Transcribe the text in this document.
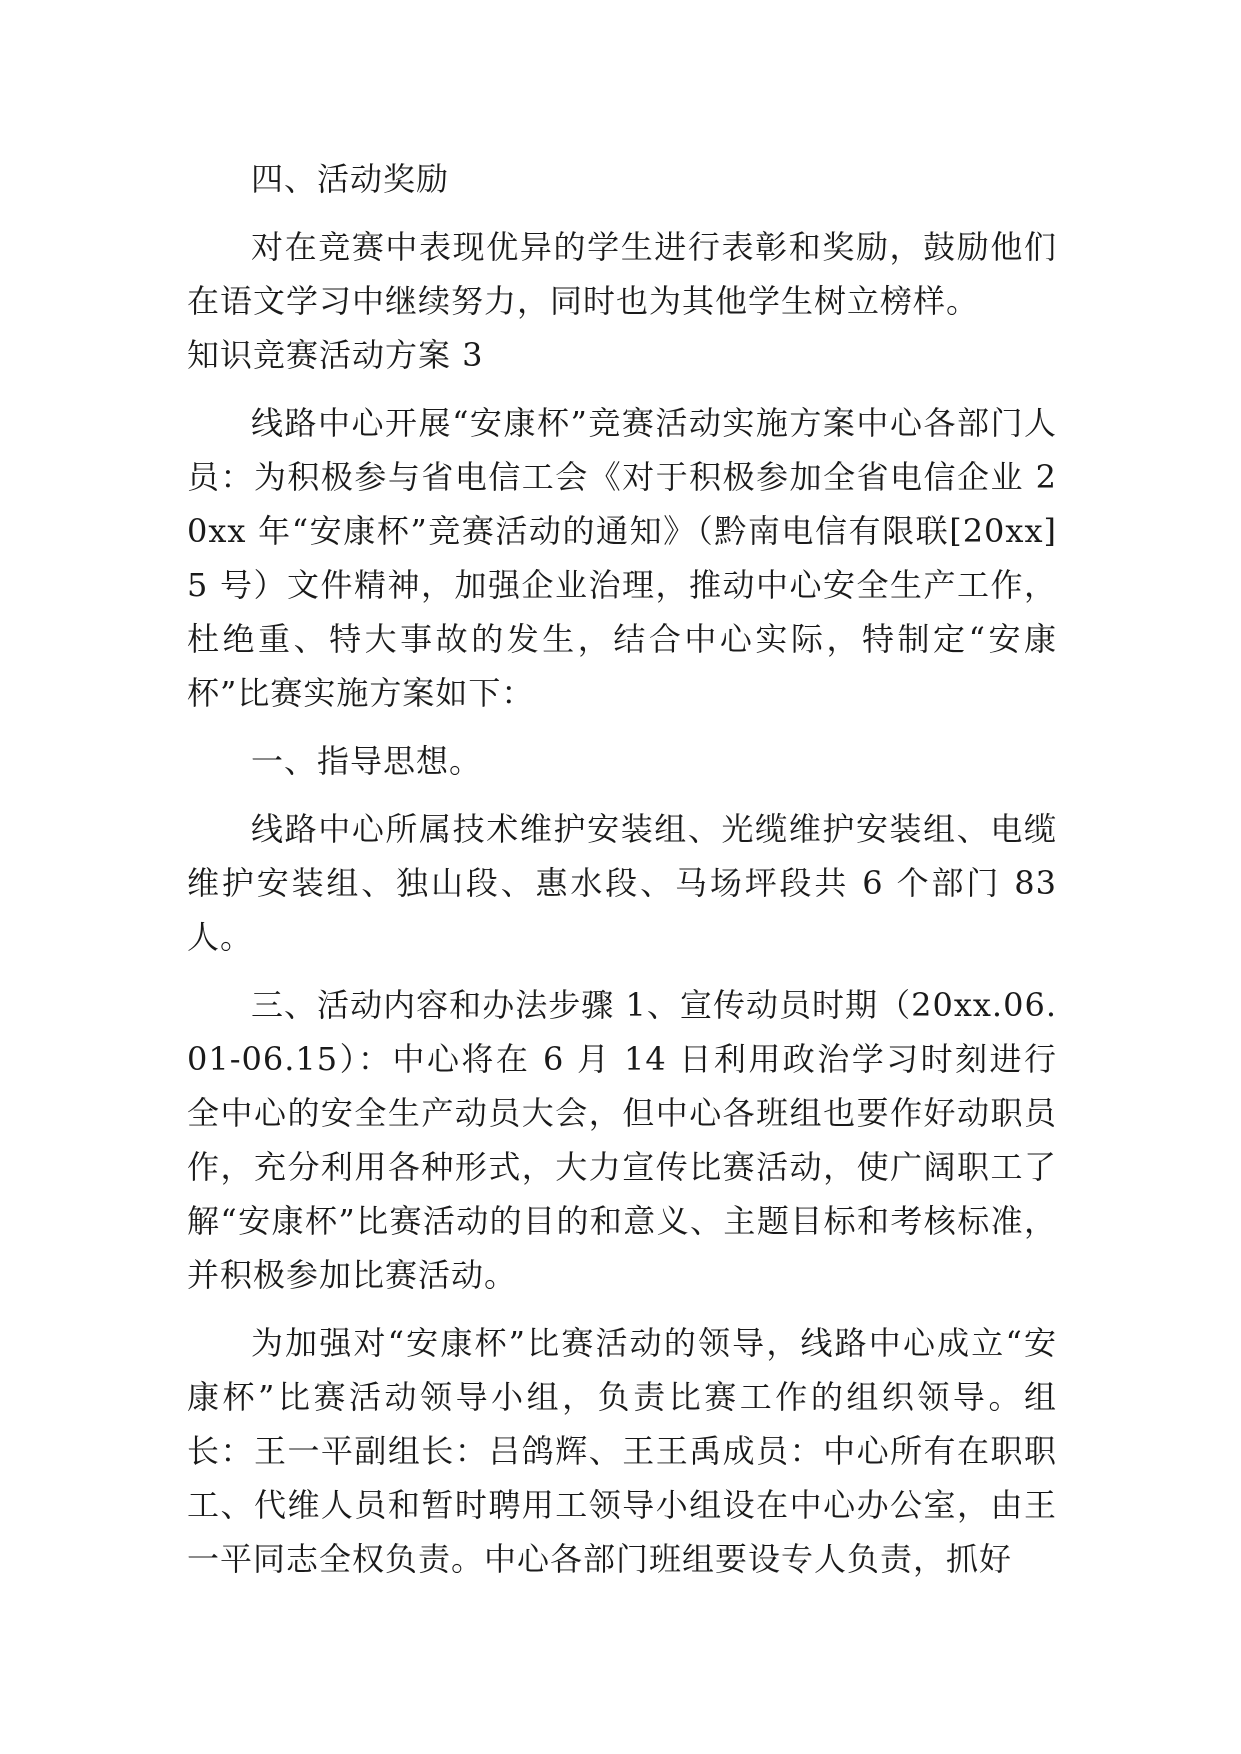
四、活动奖励

对在竞赛中表现优异的学生进行表彰和奖励，鼓励他们在语文学习中继续努力，同时也为其他学生树立榜样。

知识竞赛活动方案 3

线路中心开展“安康杯”竞赛活动实施方案中心各部门人员：为积极参与省电信工会《对于积极参加全省电信企业 20xx 年“安康杯”竞赛活动的通知》（黔南电信有限联[20xx]5 号）文件精神，加强企业治理，推动中心安全生产工作，杜绝重、特大事故的发生，结合中心实际，特制定“安康杯”比赛实施方案如下：

一、指导思想。

线路中心所属技术维护安装组、光缆维护安装组、电缆维护安装组、独山段、惠水段、马场坪段共 6 个部门 83 人。

三、活动内容和办法步骤 1、宣传动员时期（20xx.06.01-06.15）：中心将在 6 月 14 日利用政治学习时刻进行全中心的安全生产动员大会，但中心各班组也要作好动职员作，充分利用各种形式，大力宣传比赛活动，使广阔职工了解“安康杯”比赛活动的目的和意义、主题目标和考核标准，并积极参加比赛活动。

为加强对“安康杯”比赛活动的领导，线路中心成立“安康杯”比赛活动领导小组，负责比赛工作的组织领导。组长：王一平副组长：吕鸽辉、王王禹成员：中心所有在职职工、代维人员和暂时聘用工领导小组设在中心办公室，由王一平同志全权负责。中心各部门班组要设专人负责，抓好
